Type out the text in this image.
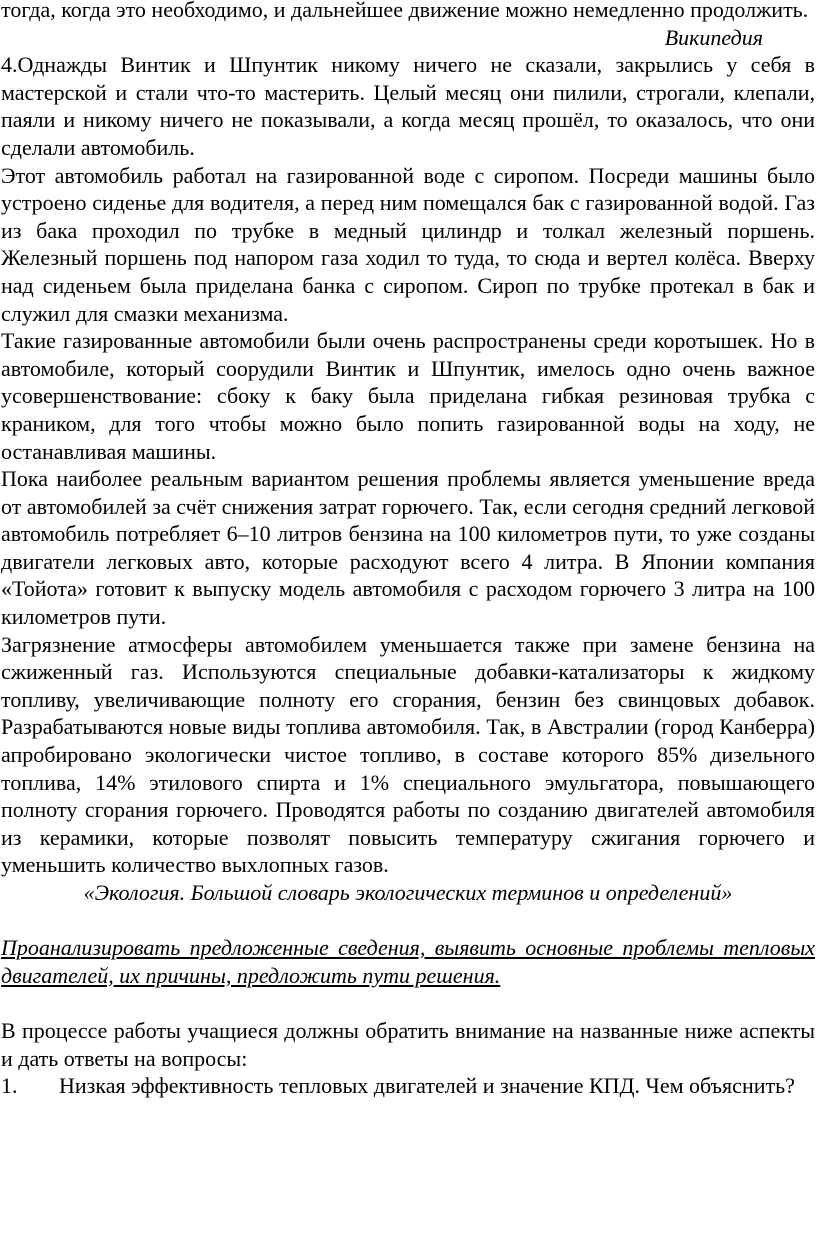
тогда, когда это необходимо, и дальнейшее движение можно немедленно продолжить.

Википедия

4.Однажды Винтик и Шпунтик никому ничего не сказали, закрылись у себя в мастерской и стали что-то мастерить. Целый месяц они пилили, строгали, клепали, паяли и никому ничего не показывали, а когда месяц прошёл, то оказалось, что они сделали автомобиль.

Этот автомобиль работал на газированной воде с сиропом. Посреди машины было устроено сиденье для водителя, а перед ним помещался бак с газированной водой. Газ из бака проходил по трубке в медный цилиндр и толкал железный поршень. Железный поршень под напором газа ходил то туда, то сюда и вертел колёса. Вверху над сиденьем была приделана банка с сиропом. Сироп по трубке протекал в бак и служил для смазки механизма.

Такие газированные автомобили были очень распространены среди коротышек. Но в автомобиле, который соорудили Винтик и Шпунтик, имелось одно очень важное усовершенствование: сбоку к баку была приделана гибкая резиновая трубка с краником, для того чтобы можно было попить газированной воды на ходу, не останавливая машины.

Пока наиболее реальным вариантом решения проблемы является уменьшение вреда от автомобилей за счёт снижения затрат горючего. Так, если сегодня средний легковой автомобиль потребляет 6–10 литров бензина на 100 километров пути, то уже созданы двигатели легковых авто, которые расходуют всего 4 литра. В Японии компания «Тойота» готовит к выпуску модель автомобиля с расходом горючего 3 литра на 100 километров пути.

Загрязнение атмосферы автомобилем уменьшается также при замене бензина на сжиженный газ. Используются специальные добавки-катализаторы к жидкому топливу, увеличивающие полноту его сгорания, бензин без свинцовых добавок. Разрабатываются новые виды топлива автомобиля. Так, в Австралии (город Канберра) апробировано экологически чистое топливо, в составе которого 85% дизельного топлива, 14% этилового спирта и 1% специального эмульгатора, повышающего полноту сгорания горючего. Проводятся работы по созданию двигателей автомобиля из керамики, которые позволят повысить температуру сжигания горючего и уменьшить количество выхлопных газов.

«Экология. Большой словарь экологических терминов и определений»

Проанализировать предложенные сведения, выявить основные проблемы тепловых двигателей, их причины, предложить пути решения.

В процессе работы учащиеся должны обратить внимание на названные ниже аспекты и дать ответы на вопросы:

1. Низкая эффективность тепловых двигателей и значение КПД. Чем объяснить?
